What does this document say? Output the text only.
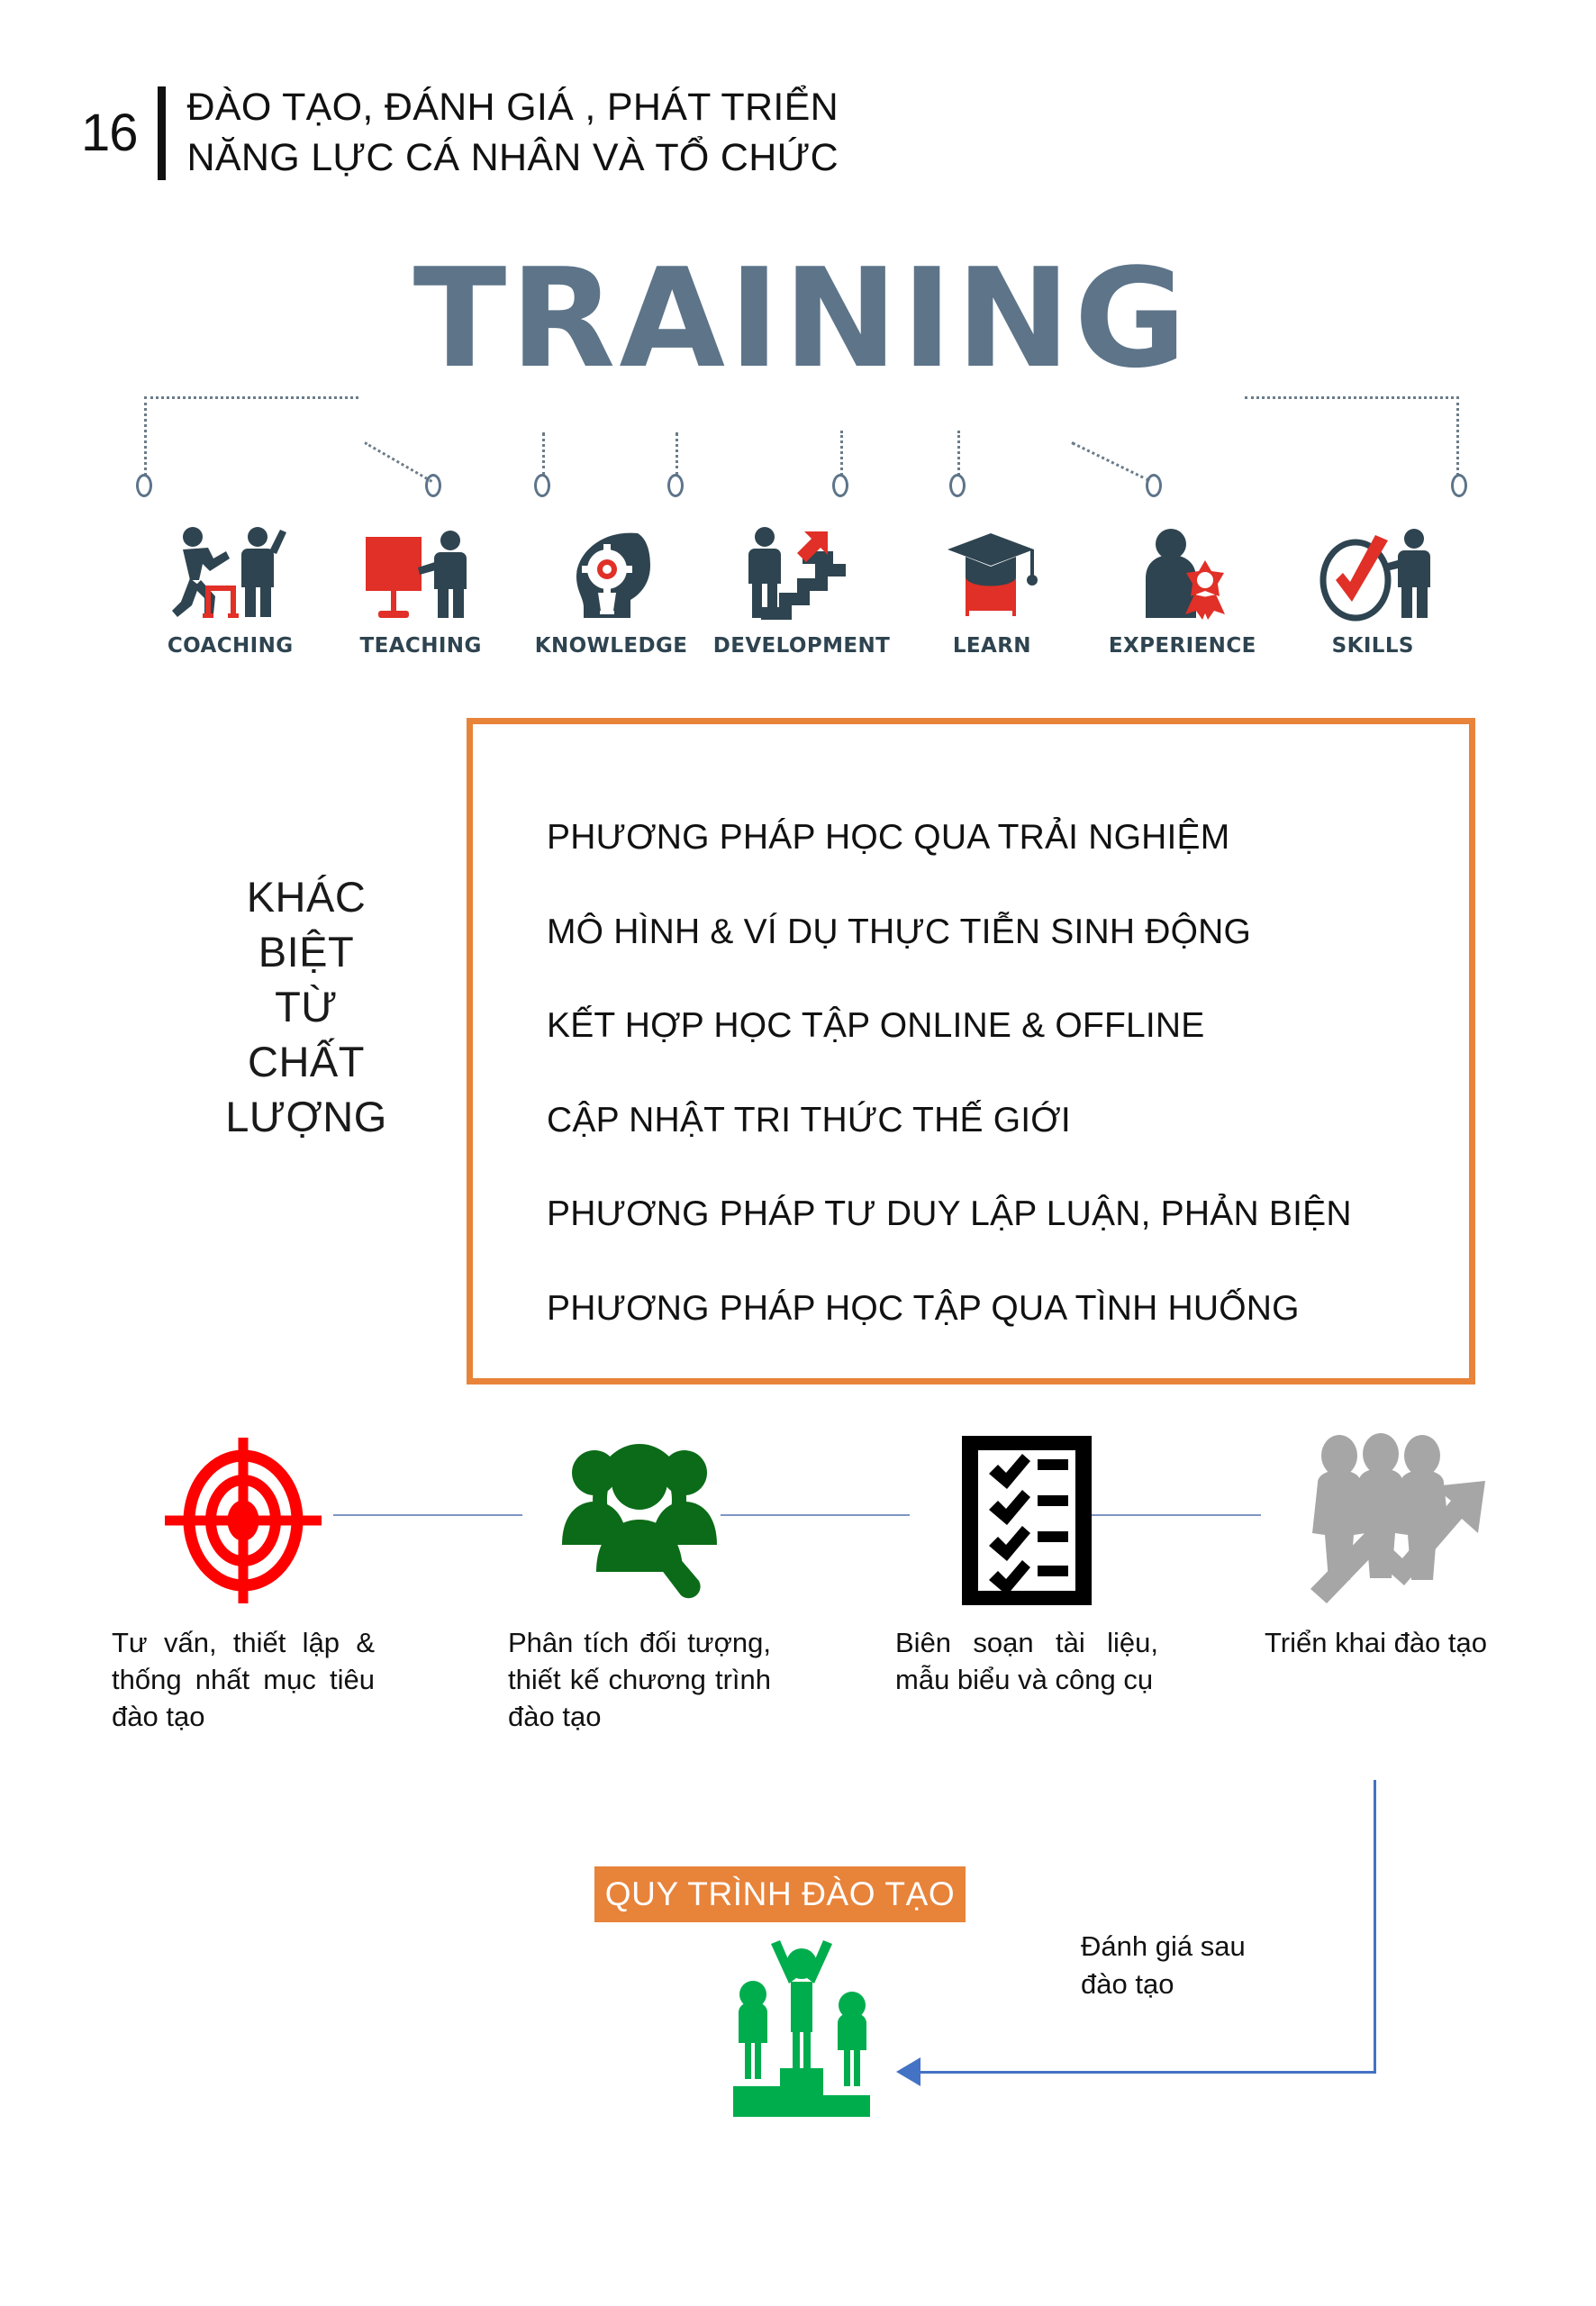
16	ĐÀO TẠO, ĐÁNH GIÁ , PHÁT TRIỂN
NĂNG LỰC CÁ NHÂN VÀ TỔ CHỨC
TRAINING
COACHING	TEACHING	KNOWLEDGE DEVELOPMENT	LEARN	EXPERIENCE	SKILLS
KHÁC
BIỆT
TỪ
CHẤT
LƯỢNG
PHƯƠNG PHÁP HỌC QUA TRẢI NGHIỆM
MÔ HÌNH & VÍ DỤ THỰC TIỄN SINH ĐỘNG
KẾT HỢP HỌC TẬP ONLINE & OFFLINE
CẬP NHẬT TRI THỨC THẾ GIỚI
PHƯƠNG PHÁP TƯ DUY LẬP LUẬN, PHẢN BIỆN
PHƯƠNG PHÁP HỌC TẬP QUA TÌNH HUỐNG
Tư vấn, thiết lập & thống nhất mục tiêu đào tạo
Phân tích đối tượng, thiết kế chương trình đào tạo
Biên soạn tài liệu, mẫu biểu và công cụ
Triển khai đào tạo
QUY TRÌNH ĐÀO TẠO
Đánh giá sau
đào tạo
